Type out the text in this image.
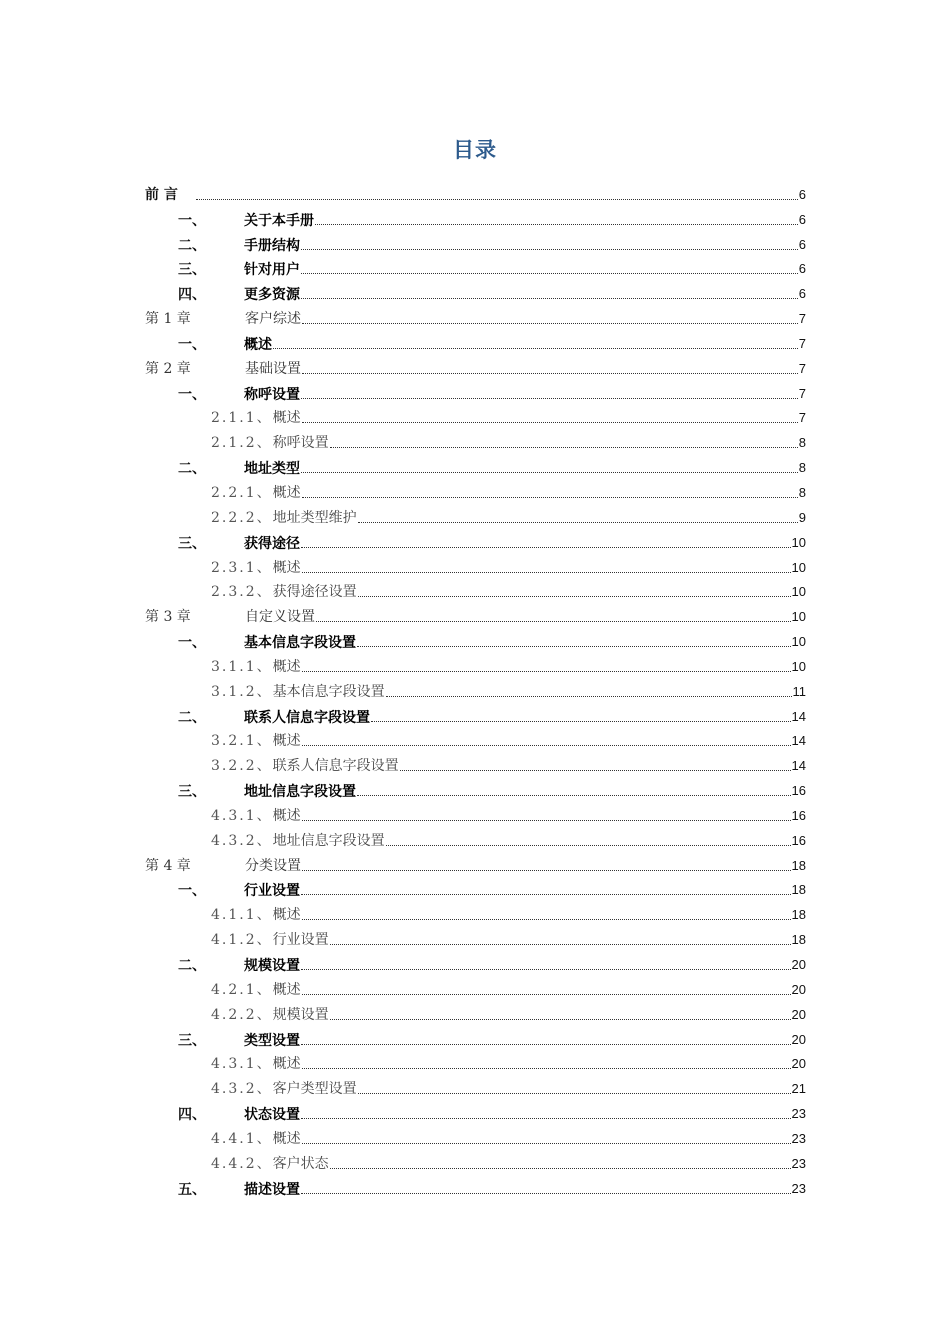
目录
前 言	6
一、	关于本手册	6
二、	手册结构	6
三、	针对用户	6
四、	更多资源	6
第 1 章	客户综述	7
一、	概述	7
第 2 章	基础设置	7
一、	称呼设置	7
2.1.1、 概述	7
2.1.2、 称呼设置	8
二、	地址类型	8
2.2.1、 概述	8
2.2.2、 地址类型维护	9
三、	获得途径	10
2.3.1、 概述	10
2.3.2、 获得途径设置	10
第 3 章	自定义设置	10
一、	基本信息字段设置	10
3.1.1、 概述	10
3.1.2、 基本信息字段设置	11
二、	联系人信息字段设置	14
3.2.1、 概述	14
3.2.2、 联系人信息字段设置	14
三、	地址信息字段设置	16
4.3.1、 概述	16
4.3.2、 地址信息字段设置	16
第 4 章	分类设置	18
一、	行业设置	18
4.1.1、 概述	18
4.1.2、 行业设置	18
二、	规模设置	20
4.2.1、 概述	20
4.2.2、 规模设置	20
三、	类型设置	20
4.3.1、 概述	20
4.3.2、 客户类型设置	21
四、	状态设置	23
4.4.1、 概述	23
4.4.2、 客户状态	23
五、	描述设置	23
